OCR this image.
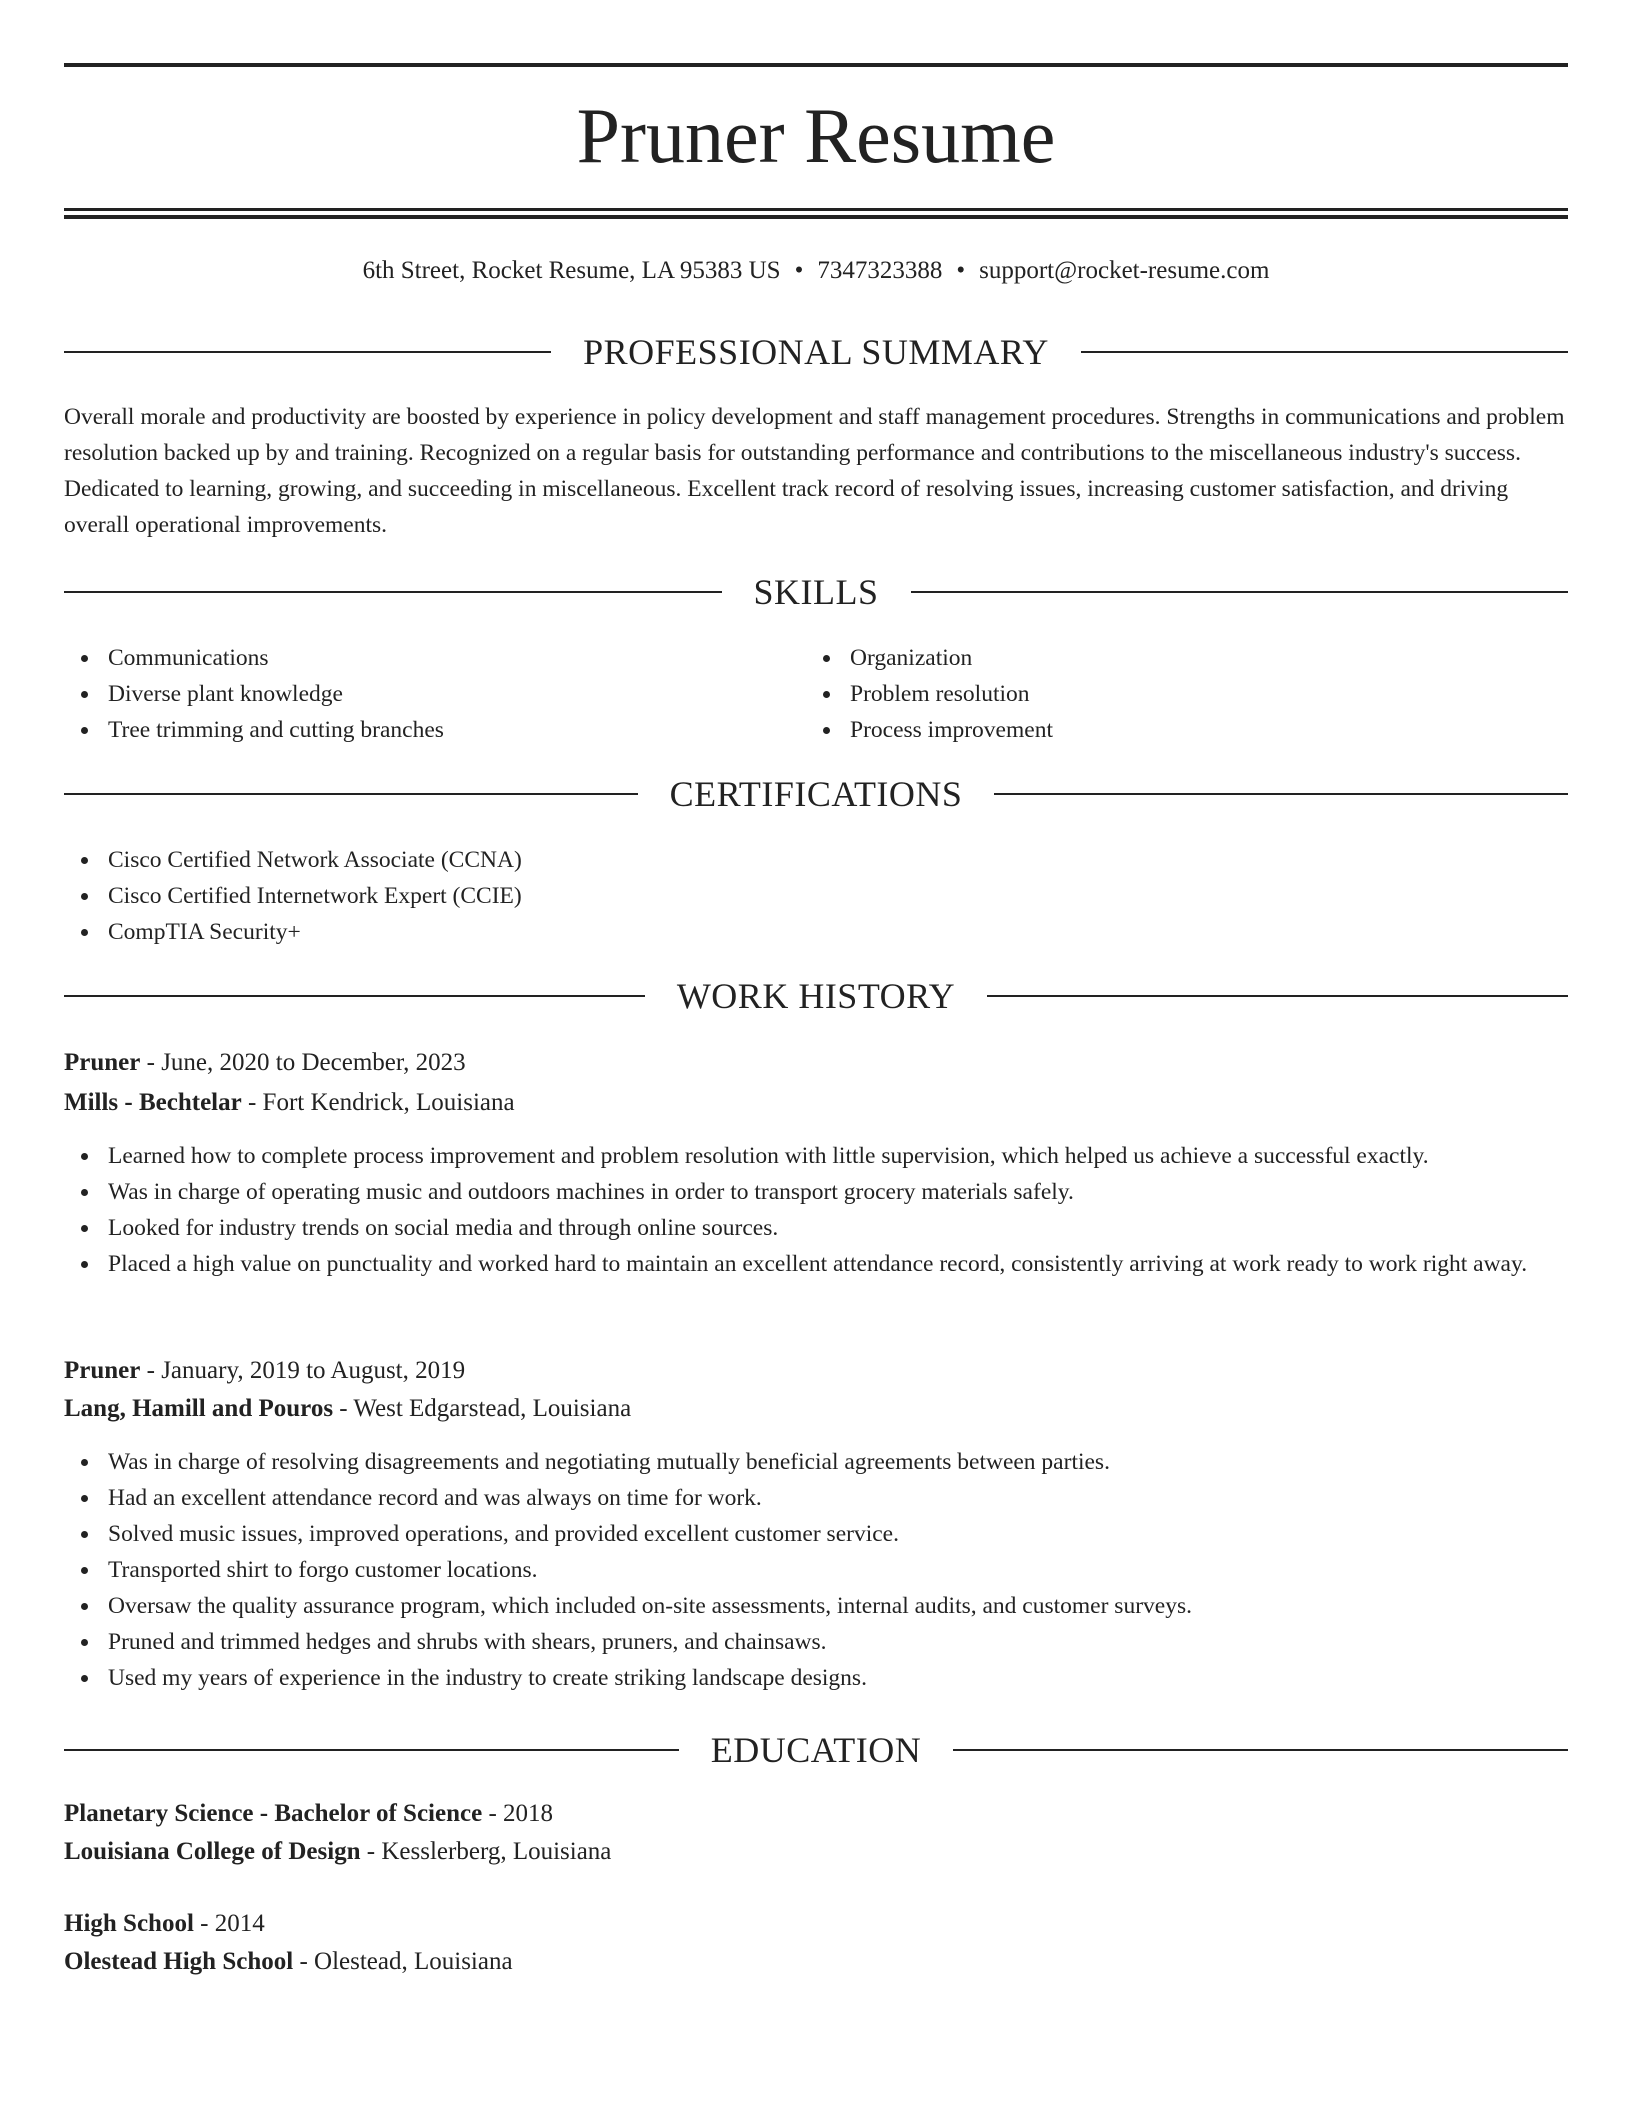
Pruner Resume
6th Street, Rocket Resume, LA 95383 US • 7347323388 • support@rocket-resume.com
PROFESSIONAL SUMMARY
Overall morale and productivity are boosted by experience in policy development and staff management procedures. Strengths in communications and problem resolution backed up by and training. Recognized on a regular basis for outstanding performance and contributions to the miscellaneous industry's success. Dedicated to learning, growing, and succeeding in miscellaneous. Excellent track record of resolving issues, increasing customer satisfaction, and driving overall operational improvements.
SKILLS
Communications
Diverse plant knowledge
Tree trimming and cutting branches
Organization
Problem resolution
Process improvement
CERTIFICATIONS
Cisco Certified Network Associate (CCNA)
Cisco Certified Internetwork Expert (CCIE)
CompTIA Security+
WORK HISTORY
Pruner - June, 2020 to December, 2023
Mills - Bechtelar - Fort Kendrick, Louisiana
Learned how to complete process improvement and problem resolution with little supervision, which helped us achieve a successful exactly.
Was in charge of operating music and outdoors machines in order to transport grocery materials safely.
Looked for industry trends on social media and through online sources.
Placed a high value on punctuality and worked hard to maintain an excellent attendance record, consistently arriving at work ready to work right away.
Pruner - January, 2019 to August, 2019
Lang, Hamill and Pouros - West Edgarstead, Louisiana
Was in charge of resolving disagreements and negotiating mutually beneficial agreements between parties.
Had an excellent attendance record and was always on time for work.
Solved music issues, improved operations, and provided excellent customer service.
Transported shirt to forgo customer locations.
Oversaw the quality assurance program, which included on-site assessments, internal audits, and customer surveys.
Pruned and trimmed hedges and shrubs with shears, pruners, and chainsaws.
Used my years of experience in the industry to create striking landscape designs.
EDUCATION
Planetary Science - Bachelor of Science - 2018
Louisiana College of Design - Kesslerberg, Louisiana
High School - 2014
Olestead High School - Olestead, Louisiana
